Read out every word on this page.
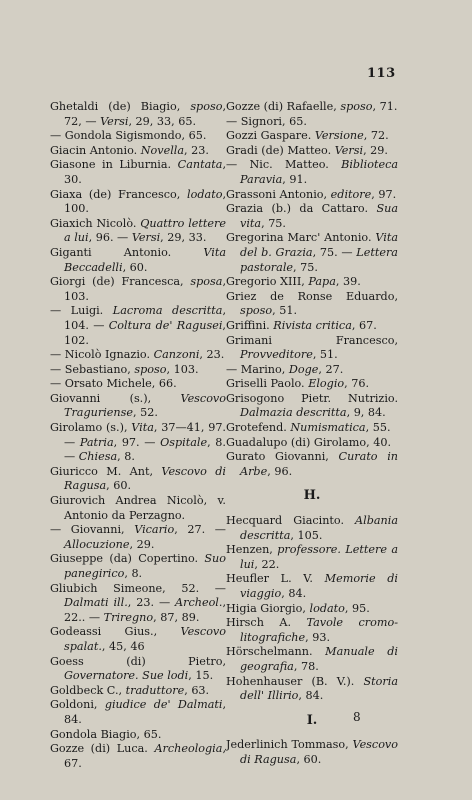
113
Ghetaldi (de) Biagio, sposo, 72, — Versi, 29, 33, 65.
— Gondola Sigismondo, 65.
Giacin Antonio. Novella, 23.
Giasone in Liburnia. Cantata, 30.
Giaxa (de) Francesco, lodato, 100.
Giaxich Nicolò. Quattro lettere a lui, 96. — Versi, 29, 33.
Giganti Antonio. Vita Beccadelli, 60.
Giorgi (de) Francesca, sposa, 103.
— Luigi. Lacroma descritta, 104. — Coltura de' Ragusei, 102.
— Nicolò Ignazio. Canzoni, 23.
— Sebastiano, sposo, 103.
— Orsato Michele, 66.
Giovanni (s.), Vescovo Traguriense, 52.
Girolamo (s.), Vita, 37—41, 97. — Patria, 97. — Ospitale, 8. — Chiesa, 8.
Giuricco M. Ant, Vescovo di Ragusa, 60.
Giurovich Andrea Nicolò, v. Antonio da Perzagno.
— Giovanni, Vicario, 27. — Allocuzione, 29.
Giuseppe (da) Copertino. Suo panegirico, 8.
Gliubich Simeone, 52. — Dalmati ill., 23. — Archeol., 22.. — Triregno, 87, 89.
Godeassi Gius., Vescovo spalat., 45, 46
Goess (di) Pietro, Governatore. Sue lodi, 15.
Goldbeck C., traduttore, 63.
Goldoni, giudice de' Dalmati, 84.
Gondola Biagio, 65.
Gozze (di) Luca. Archeologia, 67.
Gozze (di) Rafaelle, sposo, 71.
— Signori, 65.
Gozzi Gaspare. Versione, 72.
Gradi (de) Matteo. Versi, 29.
— Nic. Matteo. Biblioteca Paravia, 91.
Grassoni Antonio, editore, 97.
Grazia (b.) da Cattaro. Sua vita, 75.
Gregorina Marc' Antonio. Vita del b. Grazia, 75. — Lettera pastorale, 75.
Gregorio XIII, Papa, 39.
Griez de Ronse Eduardo, sposo, 51.
Griffini. Rivista critica, 67.
Grimani Francesco, Provveditore, 51.
— Marino, Doge, 27.
Griselli Paolo. Elogio, 76.
Grisogono Pietr. Nutrizio. Dalmazia descritta, 9, 84.
Grotefend. Numismatica, 55.
Guadalupo (di) Girolamo, 40.
Gurato Giovanni, Curato in Arbe, 96.
H.
Hecquard Giacinto. Albania descritta, 105.
Henzen, professore. Lettere a lui, 22.
Heufler L. V. Memorie di viaggio, 84.
Higia Giorgio, lodato, 95.
Hirsch A. Tavole cromo-litografiche, 93.
Hörschelmann. Manuale di geografia, 78.
Hohenhauser (B. V.). Storia dell' Illirio, 84.
I.
Jederlinich Tommaso, Vescovo di Ragusa, 60.
8
